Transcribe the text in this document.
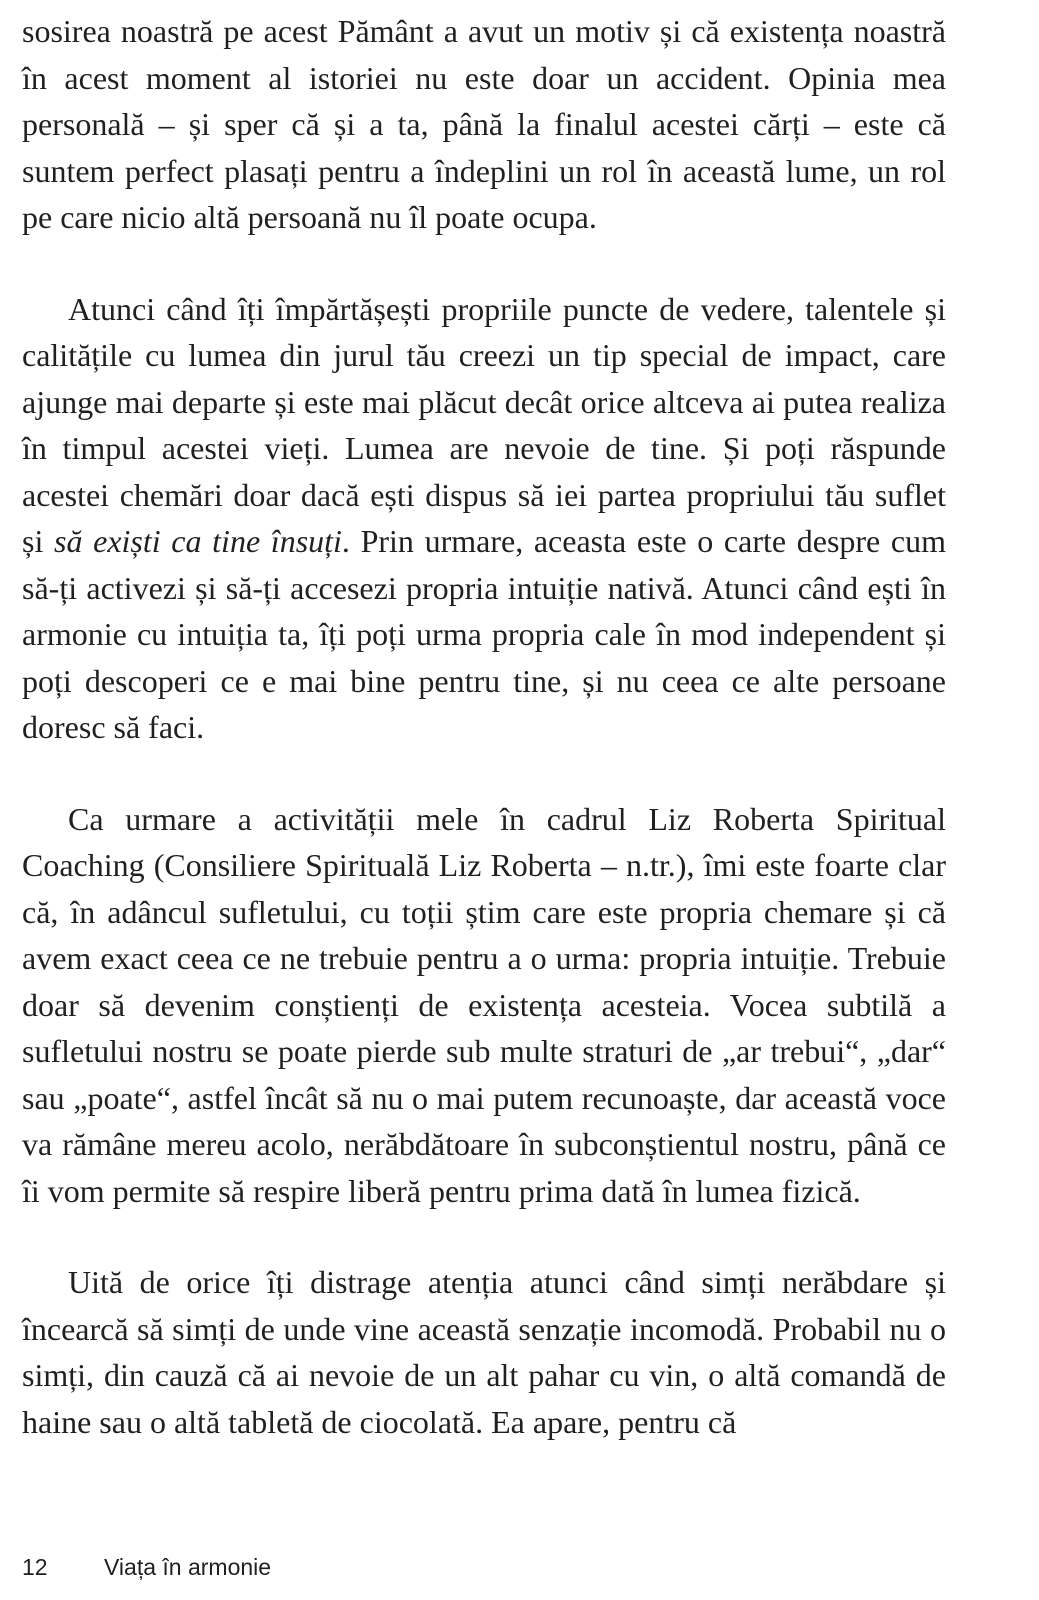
sosirea noastră pe acest Pământ a avut un motiv și că existența noastră în acest moment al istoriei nu este doar un accident. Opinia mea personală – și sper că și a ta, până la finalul acestei cărți – este că suntem perfect plasați pentru a îndeplini un rol în această lume, un rol pe care nicio altă persoană nu îl poate ocupa.

Atunci când îți împărtășești propriile puncte de vedere, talentele și calitățile cu lumea din jurul tău creezi un tip special de impact, care ajunge mai departe și este mai plăcut decât orice altceva ai putea realiza în timpul acestei vieți. Lumea are nevoie de tine. Și poți răspunde acestei chemări doar dacă ești dispus să iei partea propriului tău suflet și să exiști ca tine însuți. Prin urmare, aceasta este o carte despre cum să-ți activezi și să-ți accesezi propria intuiție nativă. Atunci când ești în armonie cu intuiția ta, îți poți urma propria cale în mod independent și poți descoperi ce e mai bine pentru tine, și nu ceea ce alte persoane doresc să faci.

Ca urmare a activității mele în cadrul Liz Roberta Spiritual Coaching (Consiliere Spirituală Liz Roberta – n.tr.), îmi este foarte clar că, în adâncul sufletului, cu toții știm care este propria chemare și că avem exact ceea ce ne trebuie pentru a o urma: propria intuiție. Trebuie doar să devenim conștienți de existența acesteia. Vocea subtilă a sufletului nostru se poate pierde sub multe straturi de „ar trebui“, „dar“ sau „poate“, astfel încât să nu o mai putem recunoaște, dar această voce va rămâne mereu acolo, nerăbdătoare în subconștientul nostru, până ce îi vom permite să respire liberă pentru prima dată în lumea fizică.

Uită de orice îți distrage atenția atunci când simți nerăbdare și încearcă să simți de unde vine această senzație incomodă. Probabil nu o simți, din cauză că ai nevoie de un alt pahar cu vin, o altă comandă de haine sau o altă tabletă de ciocolată. Ea apare, pentru că

12 Viața în armonie
